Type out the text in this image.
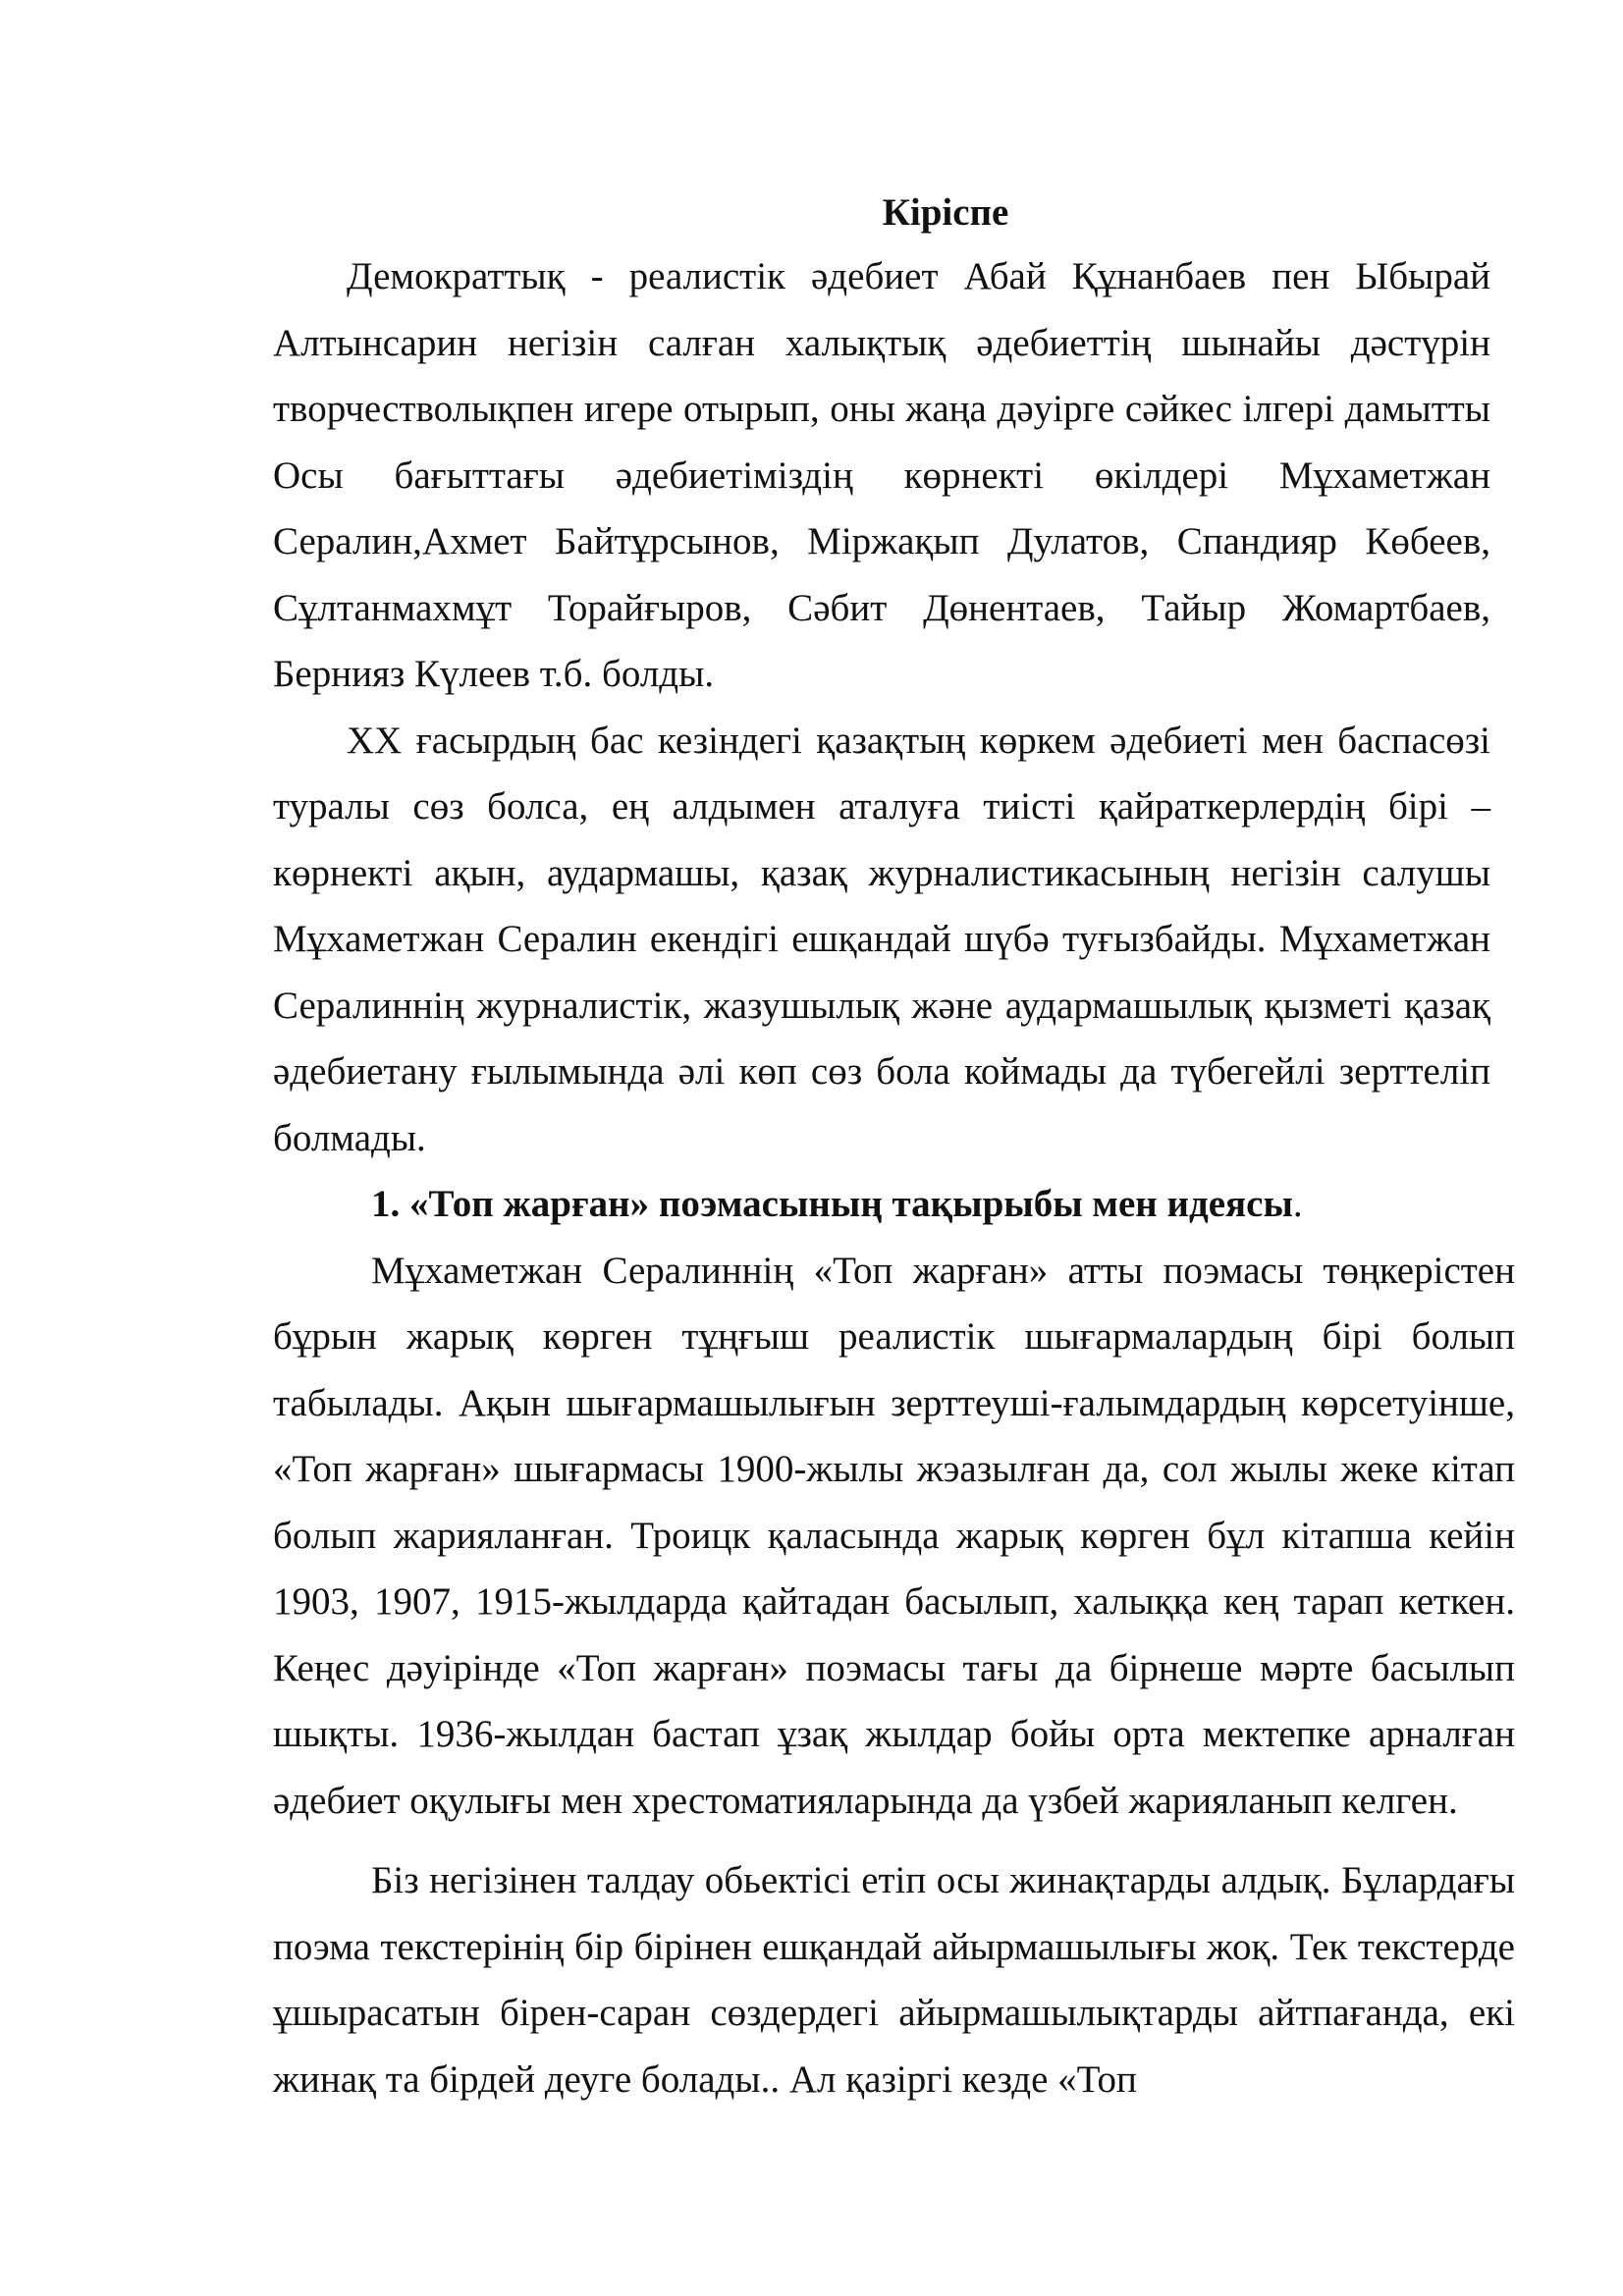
Кіріспе

Демократтық - реалистік әдебиет Абай Құнанбаев пен Ыбырай Алтынсарин негізін салған халықтық әдебиеттің шынайы дәстүрін творчестволықпен игере отырып, оны жаңа дәуірге сәйкес ілгері дамытты Осы бағыттағы әдебиетіміздің көрнекті өкілдері Мұхаметжан Сералин,Ахмет Байтұрсынов, Міржақып Дулатов, Спандияр Көбеев, Сұлтанмахмұт Торайғыров, Сәбит Дөнентаев, Тайыр Жомартбаев, Бернияз Күлеев т.б. болды.

ХХ ғасырдың бас кезіндегі қазақтың көркем әдебиеті мен баспасөзі туралы сөз болса, ең алдымен аталуға тиісті қайраткерлердің бірі – көрнекті ақын, аудармашы, қазақ журналистикасының негізін салушы Мұхаметжан Сералин екендігі ешқандай шүбә туғызбайды. Мұхаметжан Сералиннің журналистік, жазушылық және аудармашылық қызметі қазақ әдебиетану ғылымында әлі көп сөз бола коймады да түбегейлі зерттеліп болмады.

1. «Топ жарған» поэмасының тақырыбы мен идеясы.

Мұхаметжан Сералиннің «Топ жарған» атты поэмасы төңкерістен бұрын жарық көрген тұңғыш реалистік шығармалардың бірі болып табылады. Ақын шығармашылығын зерттеуші-ғалымдардың көрсетуінше, «Топ жарған» шығармасы 1900-жылы жэазылған да, сол жылы жеке кітап болып жарияланған. Троицк қаласында жарық көрген бұл кітапша кейін 1903, 1907, 1915-жылдарда қайтадан басылып, халыққа кең тарап кеткен. Кеңес дәуірінде «Топ жарған» поэмасы тағы да бірнеше мәрте басылып шықты. 1936-жылдан бастап ұзақ жылдар бойы орта мектепке арналған әдебиет оқулығы мен хрестоматияларында да үзбей жарияланып келген.

Біз негізінен талдау обьектісі етіп осы жинақтарды алдық. Бұлардағы поэма текстерінің бір бірінен ешқандай айырмашылығы жоқ. Тек текстерде ұшырасатын бірен-саран сөздердегі айырмашылықтарды айтпағанда, екі жинақ та бірдей деуге болады.. Ал қазіргі кезде «Топ
